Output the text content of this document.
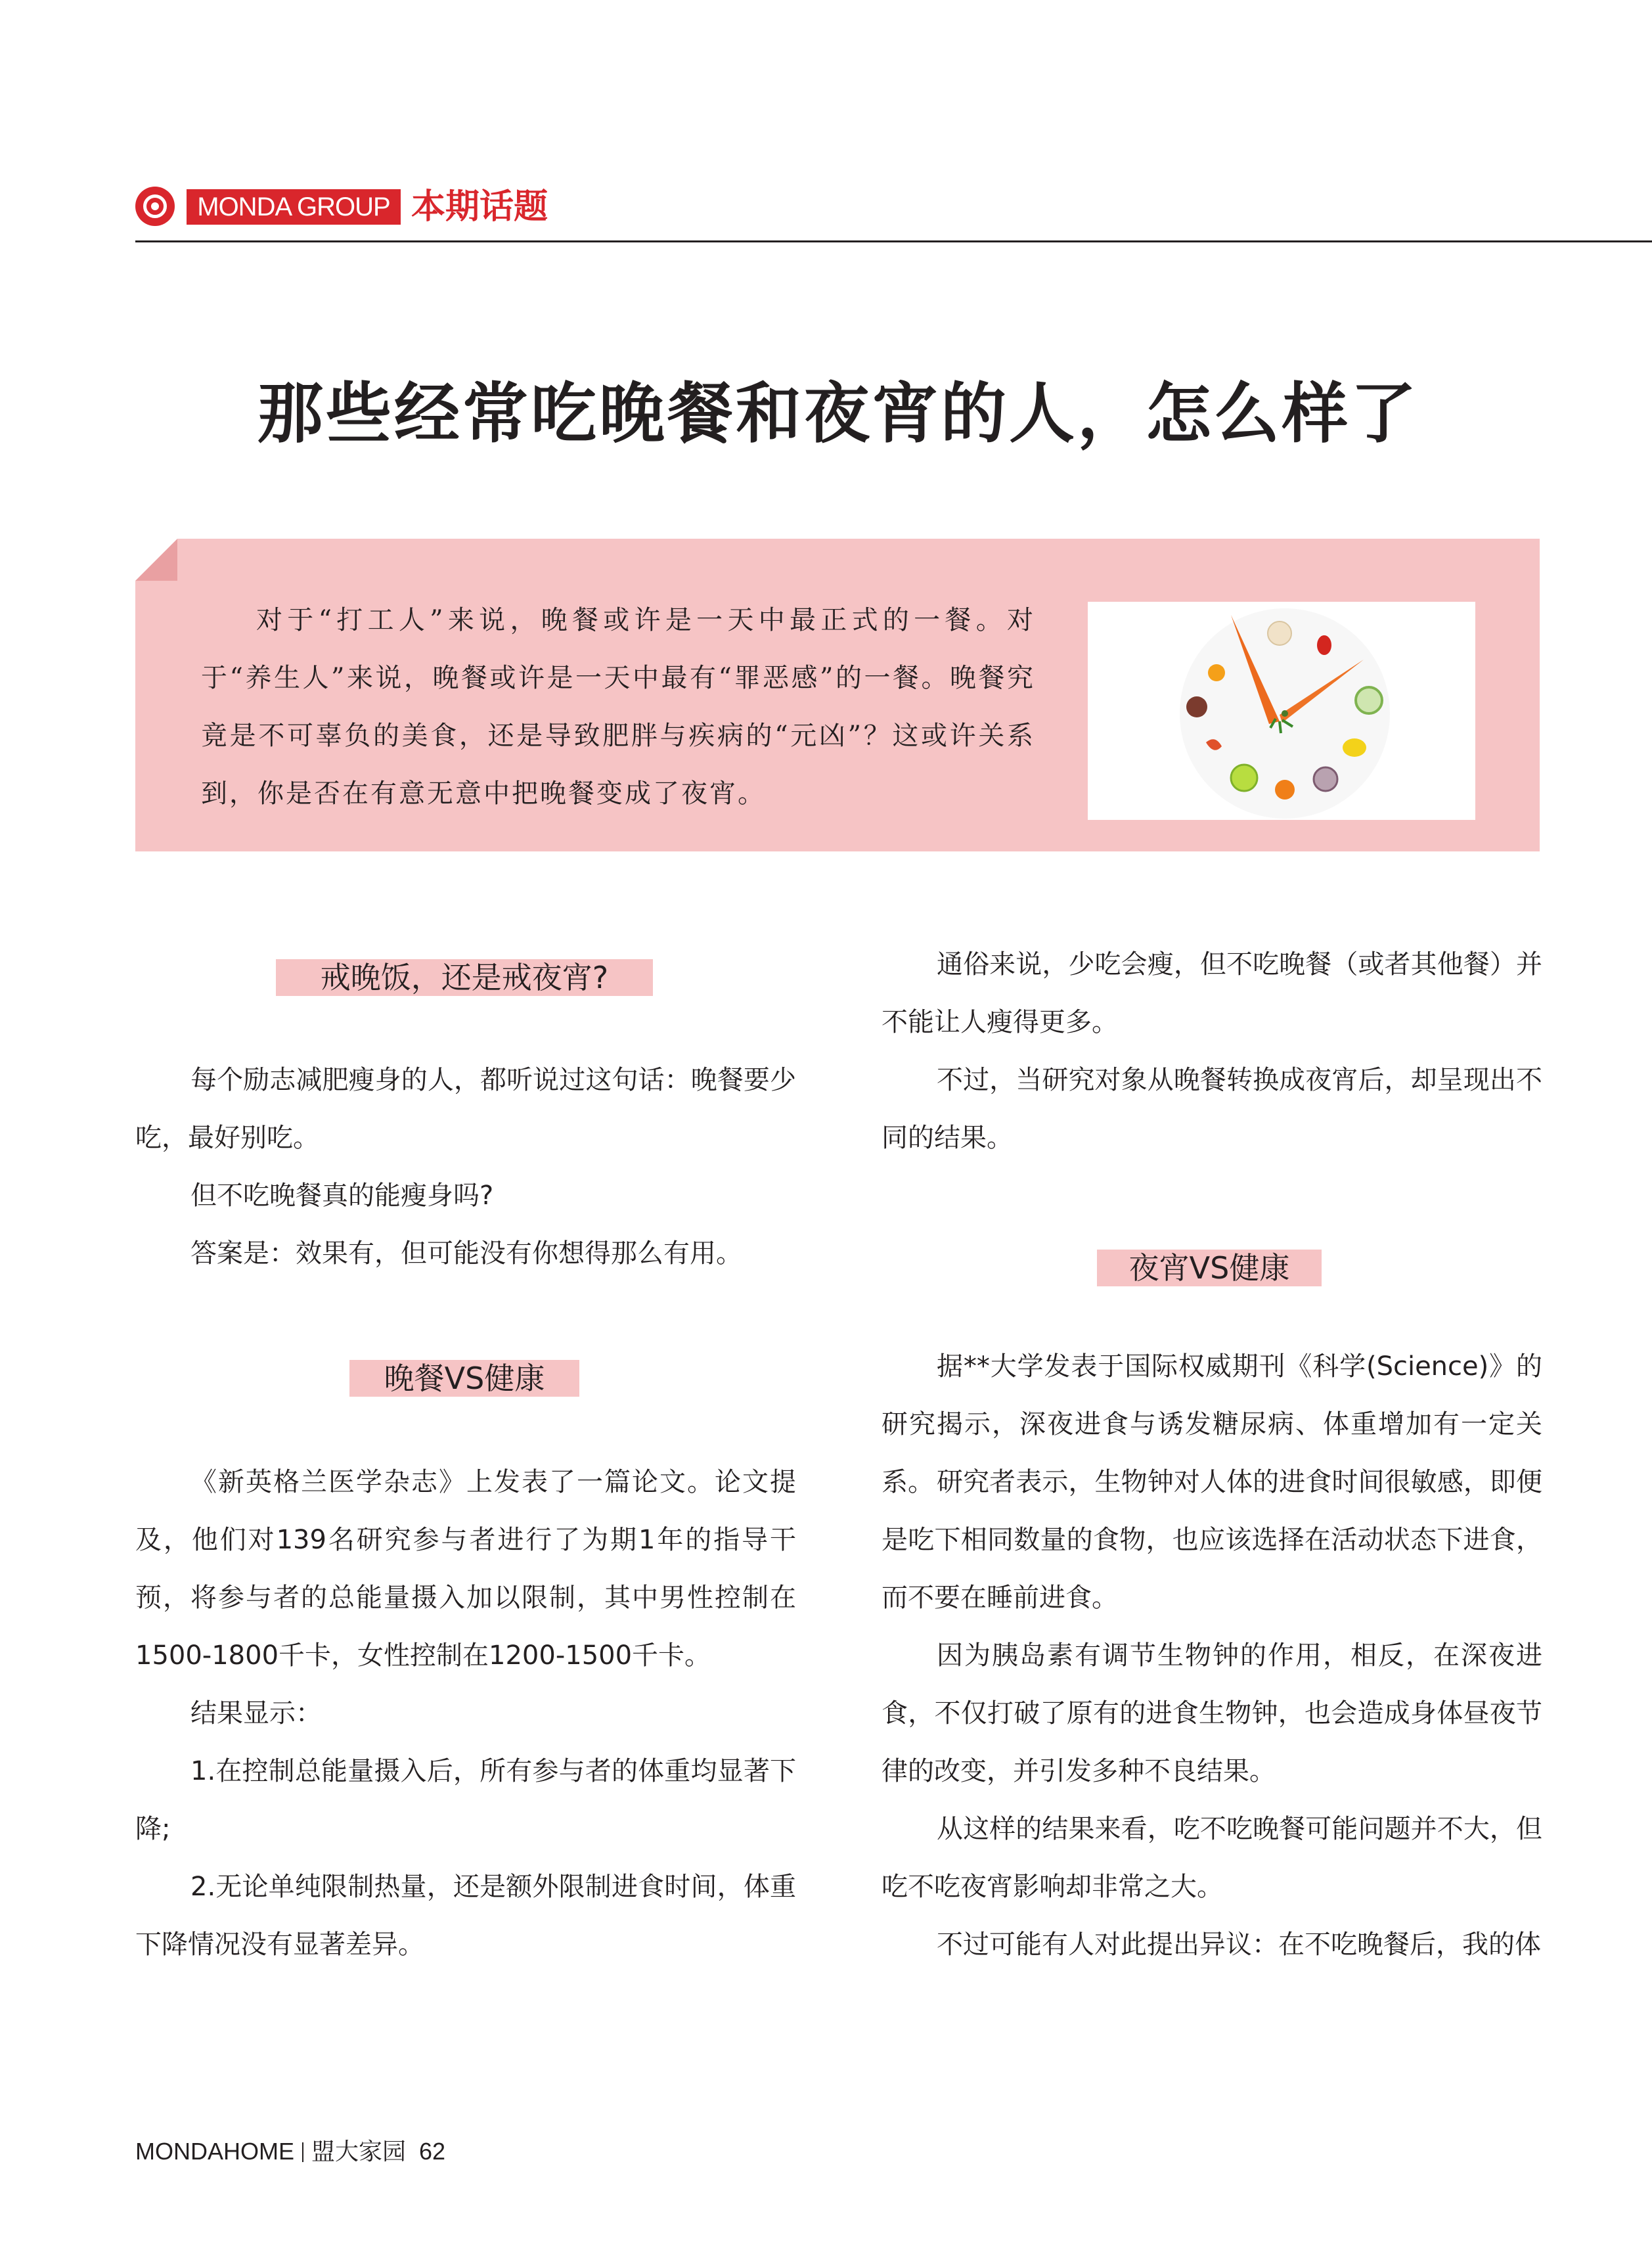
MONDA GROUP 本期话题
那些经常吃晚餐和夜宵的人，怎么样了

对于“打工人”来说，晚餐或许是一天中最正式的一餐。对于“养生人”来说，晚餐或许是一天中最有“罪恶感”的一餐。晚餐究竟是不可辜负的美食，还是导致肥胖与疾病的“元凶”？这或许关系到，你是否在有意无意中把晚餐变成了夜宵。

戒晚饭，还是戒夜宵?

每个励志减肥瘦身的人，都听说过这句话：晚餐要少吃，最好别吃。

但不吃晚餐真的能瘦身吗?

答案是：效果有，但可能没有你想得那么有用。

晚餐VS健康

《新英格兰医学杂志》上发表了一篇论文。论文提及，他们对139名研究参与者进行了为期1年的指导干预，将参与者的总能量摄入加以限制，其中男性控制在1500-1800千卡，女性控制在1200-1500千卡。

结果显示：

1.在控制总能量摄入后，所有参与者的体重均显著下降;

2.无论单纯限制热量，还是额外限制进食时间，体重下降情况没有显著差异。

通俗来说，少吃会瘦，但不吃晚餐（或者其他餐）并不能让人瘦得更多。

不过，当研究对象从晚餐转换成夜宵后，却呈现出不同的结果。

夜宵VS健康

据**大学发表于国际权威期刊《科学(Science)》的研究揭示，深夜进食与诱发糖尿病、体重增加有一定关系。 研究者表示，生物钟对人体的进食时间很敏感，即便是吃下相同数量的食物，也应该选择在活动状态下进食，而不要在睡前进食。

因为胰岛素有调节生物钟的作用，相反，在深夜进食，不仅打破了原有的进食生物钟，也会造成身体昼夜节律的改变，并引发多种不良结果。

从这样的结果来看，吃不吃晚餐可能问题并不大，但吃不吃夜宵影响却非常之大。

不过可能有人对此提出异议：在不吃晚餐后，我的体

MONDAHOME 盟大家园 62
